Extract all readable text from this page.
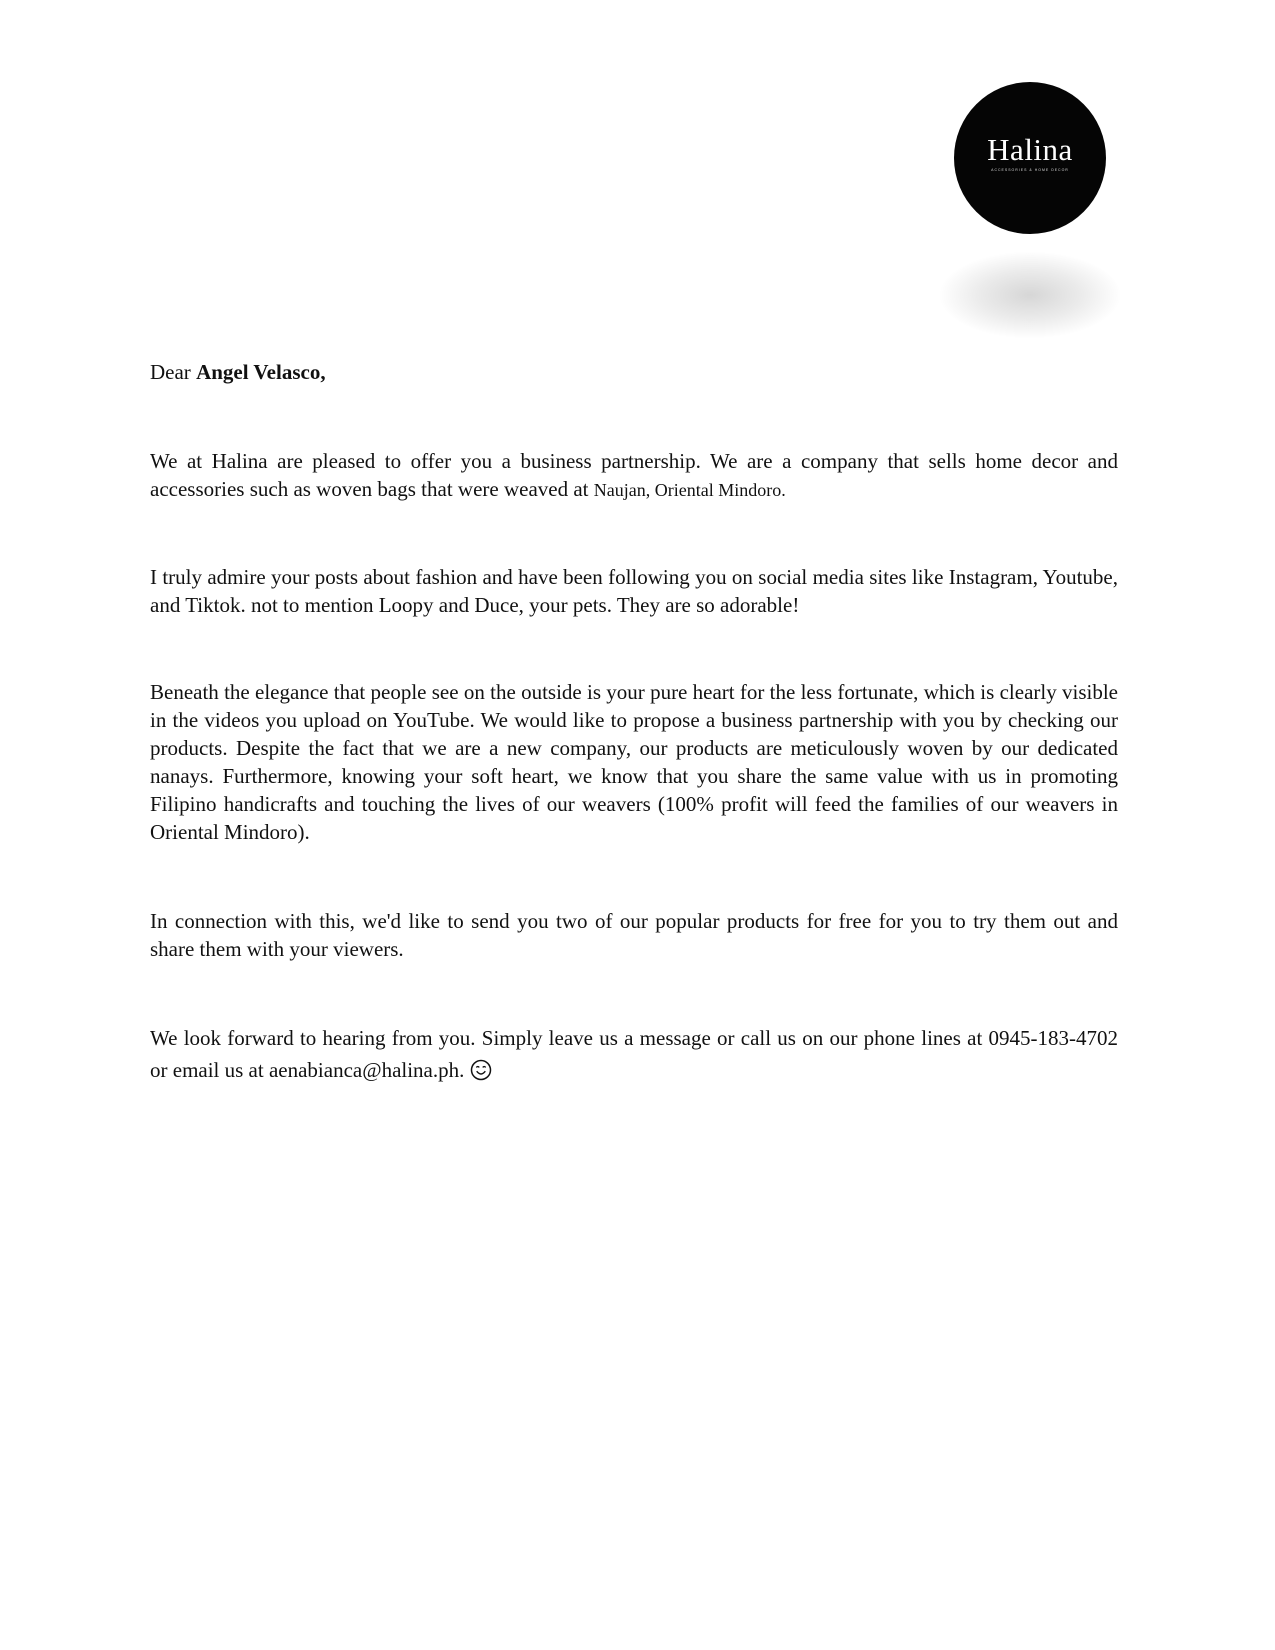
Halina
ACCESSORIES & HOME DECOR

Dear Angel Velasco,

We at Halina are pleased to offer you a business partnership. We are a company that sells home decor and accessories such as woven bags that were weaved at Naujan, Oriental Mindoro.

I truly admire your posts about fashion and have been following you on social media sites like Instagram, Youtube, and Tiktok. not to mention Loopy and Duce, your pets. They are so adorable!

Beneath the elegance that people see on the outside is your pure heart for the less fortunate, which is clearly visible in the videos you upload on YouTube. We would like to propose a business partnership with you by checking our products. Despite the fact that we are a new company, our products are meticulously woven by our dedicated nanays. Furthermore, knowing your soft heart, we know that you share the same value with us in promoting Filipino handicrafts and touching the lives of our weavers (100% profit will feed the families of our weavers in Oriental Mindoro).

In connection with this, we'd like to send you two of our popular products for free for you to try them out and share them with your viewers.

We look forward to hearing from you. Simply leave us a message or call us on our phone lines at 0945-183-4702 or email us at aenabianca@halina.ph.
